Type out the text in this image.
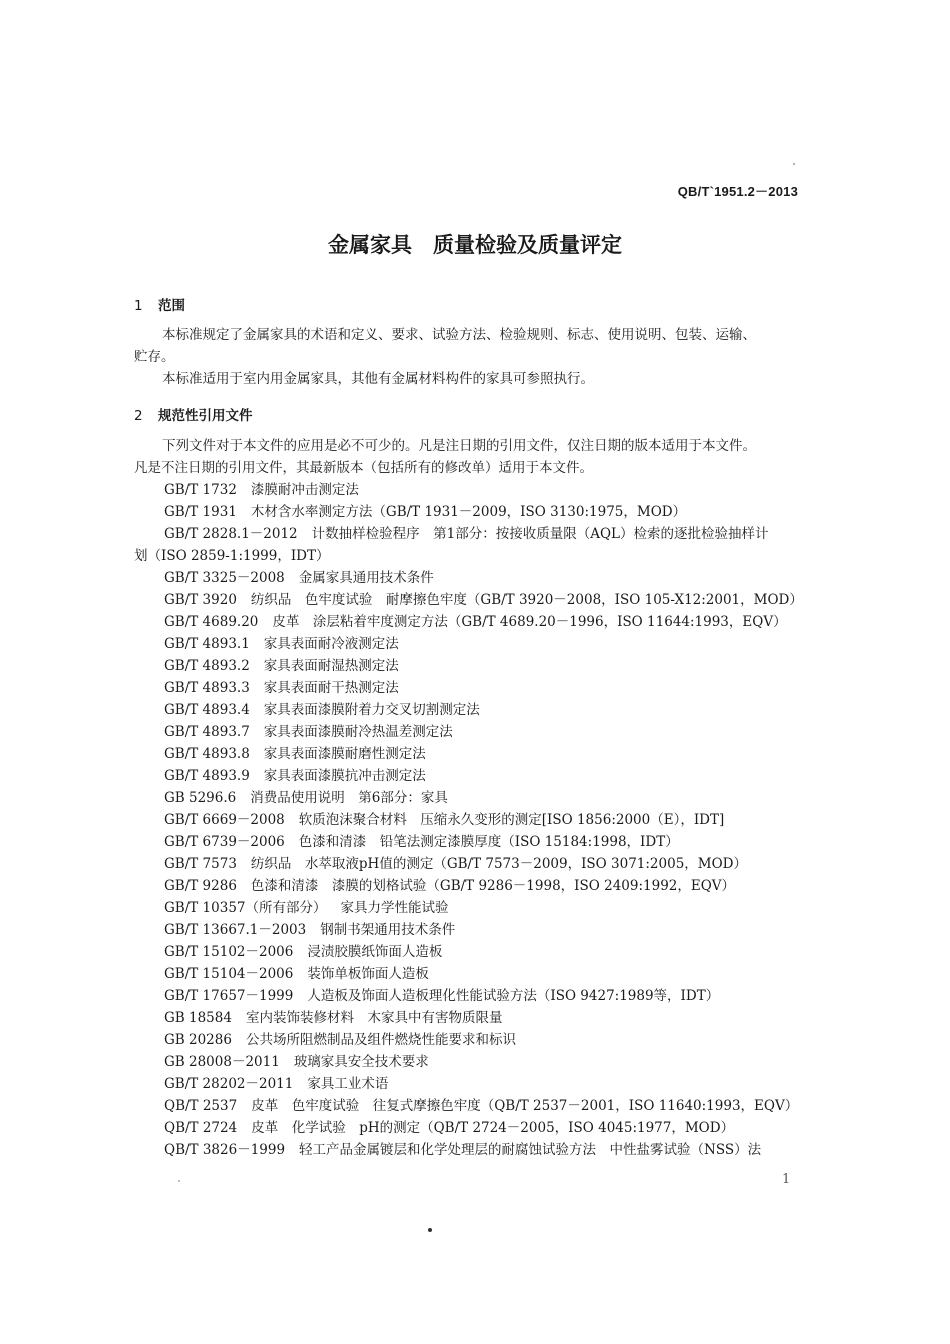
QB/T`1951.2－2013
金属家具　质量检验及质量评定
1 范围
本标准规定了金属家具的术语和定义、要求、试验方法、检验规则、标志、使用说明、包装、运输、
贮存。
本标准适用于室内用金属家具，其他有金属材料构件的家具可参照执行。
2 规范性引用文件
下列文件对于本文件的应用是必不可少的。凡是注日期的引用文件，仅注日期的版本适用于本文件。
凡是不注日期的引用文件，其最新版本（包括所有的修改单）适用于本文件。
GB/T 1732 漆膜耐冲击测定法
GB/T 1931 木材含水率测定方法（GB/T 1931－2009，ISO 3130:1975，MOD）
GB/T 2828.1－2012 计数抽样检验程序　第1部分：按接收质量限（AQL）检索的逐批检验抽样计
划（ISO 2859-1:1999，IDT）
GB/T 3325－2008 金属家具通用技术条件
GB/T 3920 纺织品　色牢度试验　耐摩擦色牢度（GB/T 3920－2008，ISO 105-X12:2001，MOD）
GB/T 4689.20 皮革　涂层粘着牢度测定方法（GB/T 4689.20－1996，ISO 11644:1993，EQV）
GB/T 4893.1 家具表面耐冷液测定法
GB/T 4893.2 家具表面耐湿热测定法
GB/T 4893.3 家具表面耐干热测定法
GB/T 4893.4 家具表面漆膜附着力交叉切割测定法
GB/T 4893.7 家具表面漆膜耐冷热温差测定法
GB/T 4893.8 家具表面漆膜耐磨性测定法
GB/T 4893.9 家具表面漆膜抗冲击测定法
GB 5296.6 消费品使用说明　第6部分：家具
GB/T 6669－2008 软质泡沫聚合材料　压缩永久变形的测定[ISO 1856:2000（E），IDT]
GB/T 6739－2006 色漆和清漆　铅笔法测定漆膜厚度（ISO 15184:1998，IDT）
GB/T 7573 纺织品　水萃取液pH值的测定（GB/T 7573－2009，ISO 3071:2005，MOD）
GB/T 9286 色漆和清漆　漆膜的划格试验（GB/T 9286－1998，ISO 2409:1992，EQV）
GB/T 10357（所有部分） 家具力学性能试验
GB/T 13667.1－2003 钢制书架通用技术条件
GB/T 15102－2006 浸渍胶膜纸饰面人造板
GB/T 15104－2006 装饰单板饰面人造板
GB/T 17657－1999 人造板及饰面人造板理化性能试验方法（ISO 9427:1989等，IDT）
GB 18584 室内装饰装修材料　木家具中有害物质限量
GB 20286 公共场所阻燃制品及组件燃烧性能要求和标识
GB 28008－2011 玻璃家具安全技术要求
GB/T 28202－2011 家具工业术语
QB/T 2537 皮革　色牢度试验　往复式摩擦色牢度（QB/T 2537－2001，ISO 11640:1993，EQV）
QB/T 2724 皮革　化学试验　pH的测定（QB/T 2724－2005，ISO 4045:1977，MOD）
QB/T 3826－1999 轻工产品金属镀层和化学处理层的耐腐蚀试验方法　中性盐雾试验（NSS）法
1
